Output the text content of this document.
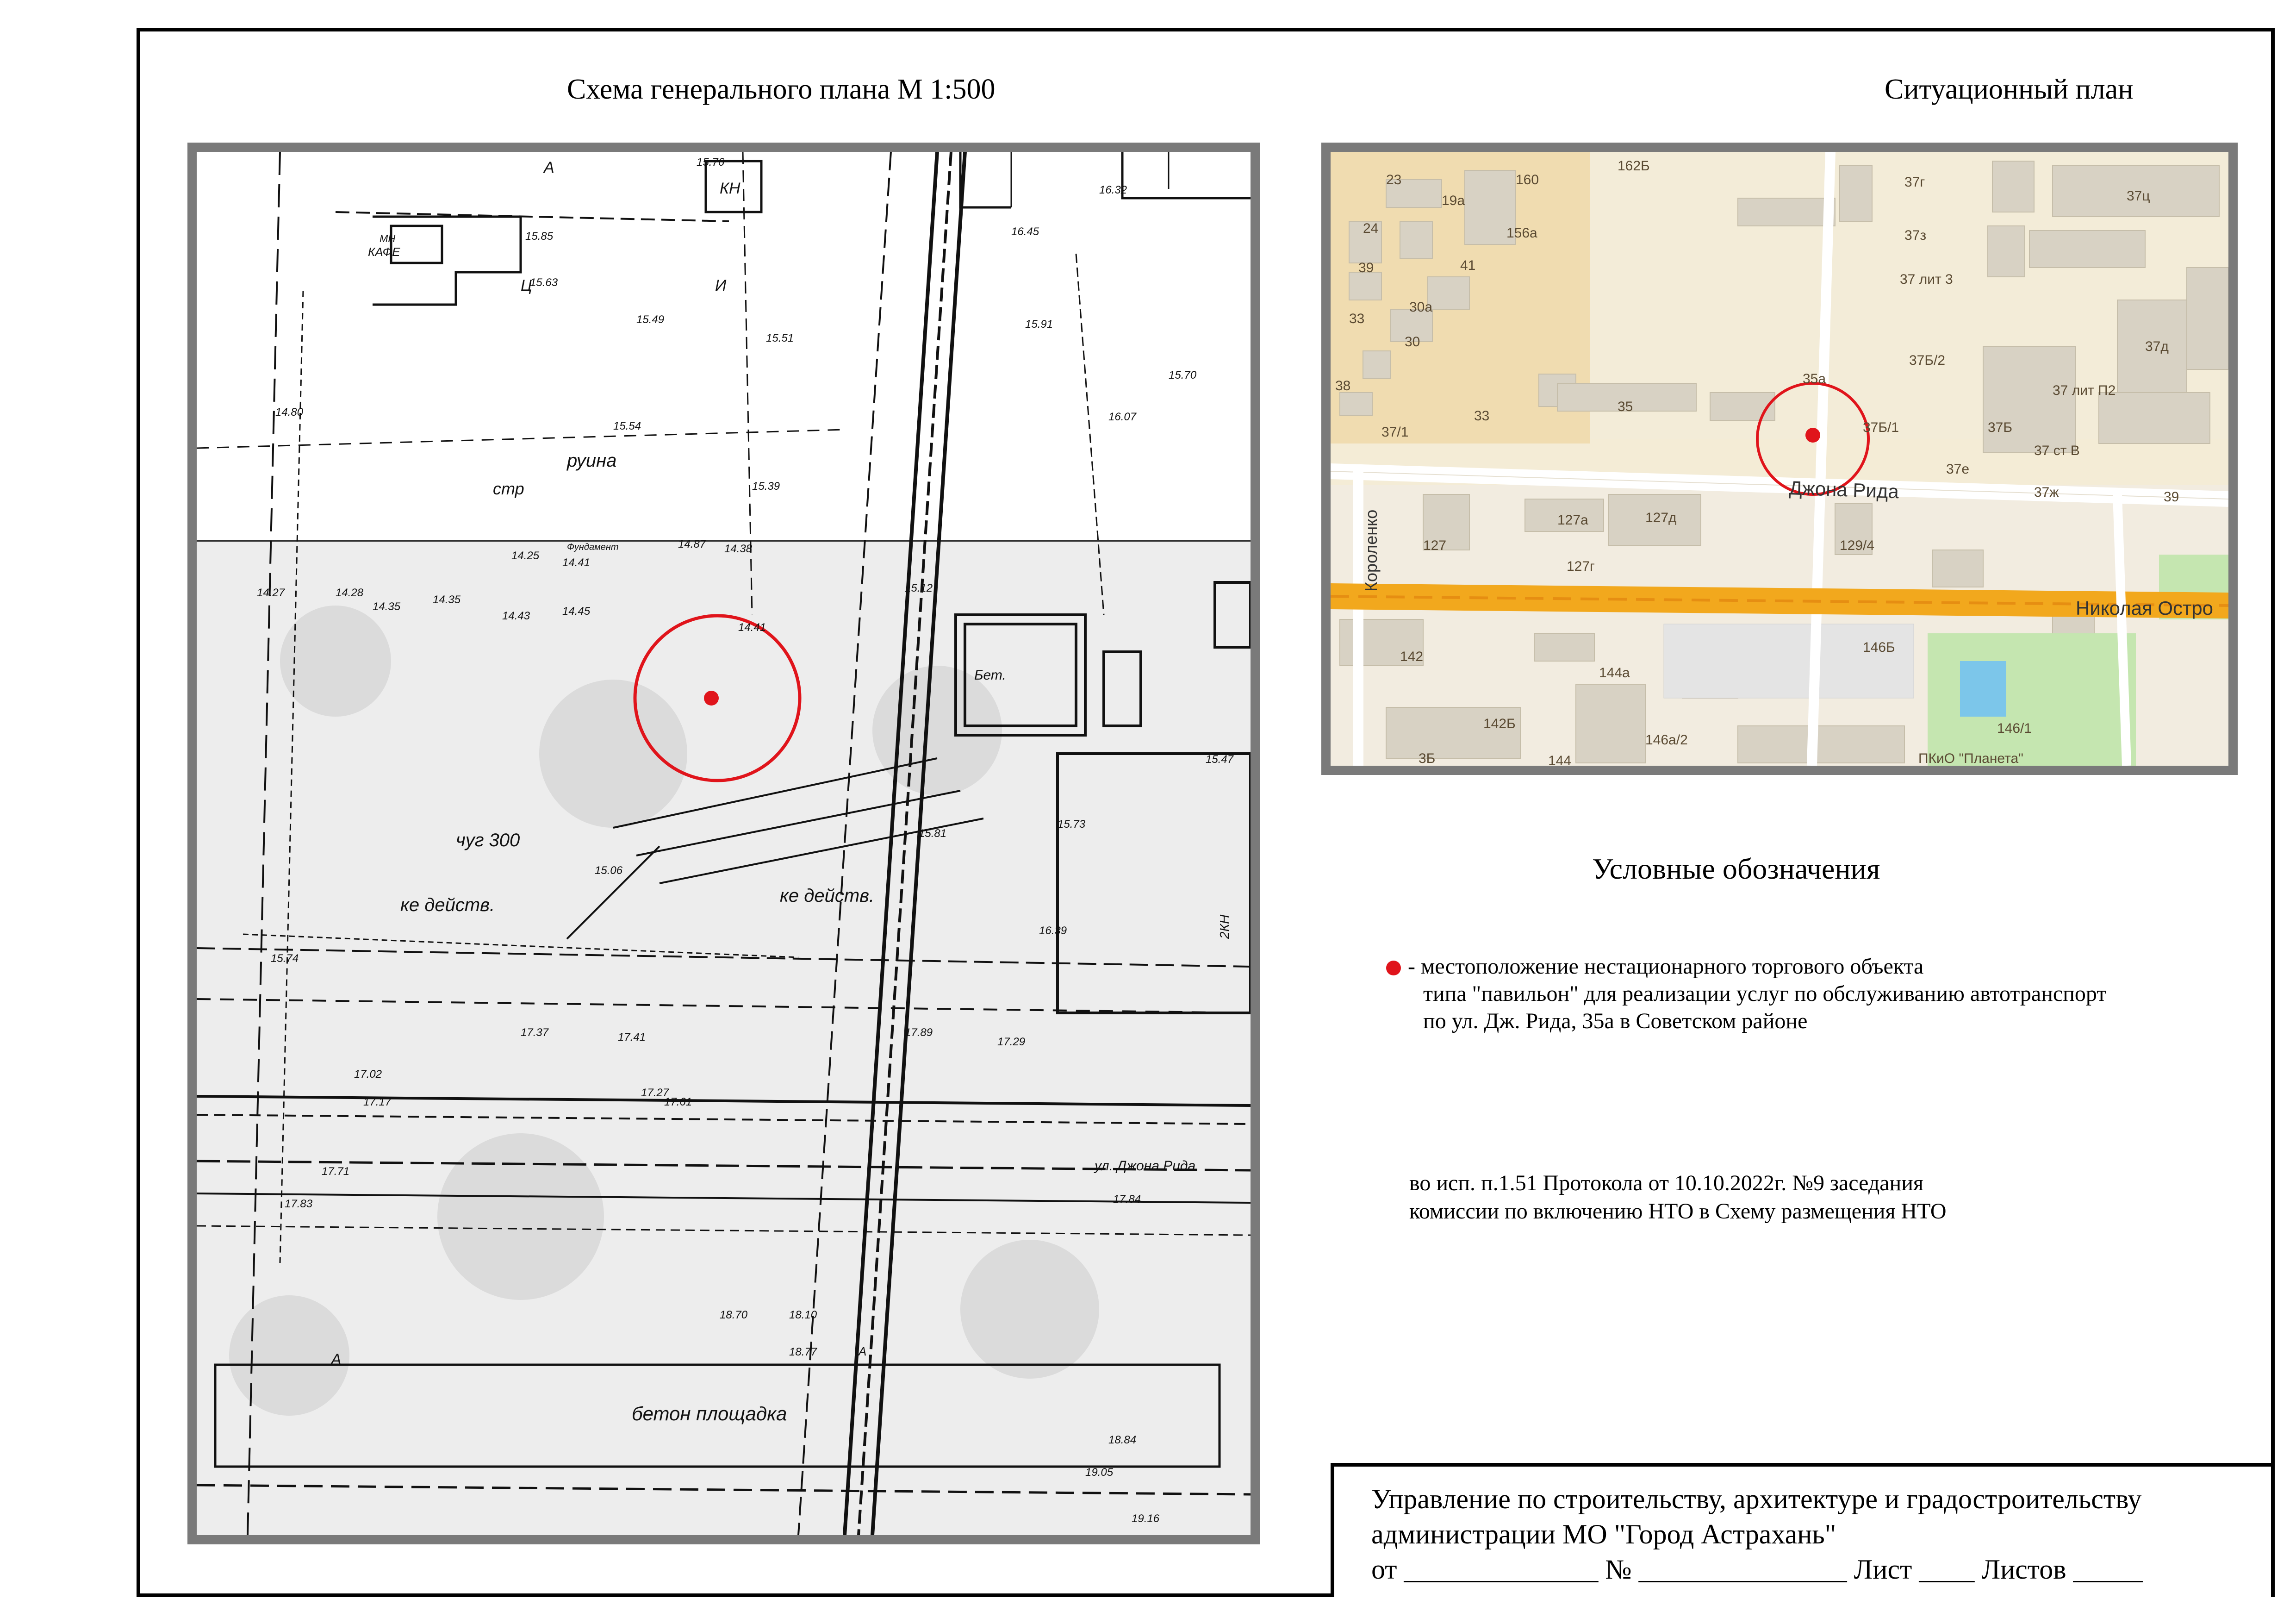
Схема генерального плана М 1:500	Ситуационный план
КАФЕ
МН
КН
2КН
Бет.
Фундамент
руина
стр
чуг 300
ке действ.	ке действ.
ул. Джона Рида
бетон площадка
А
Ц	И
А	А
15.76
16.32
16.45
15.85
15.63
15.49
15.51
15.91
15.70
16.07
14.80
15.54
15.39
14.27	14.28
14.35
14.35
14.43	14.45
14.25
14.41
14.87 14.38
14.41
15.12
15.74
15.06
15.81
15.73
15.47
16.39
17.02
17.27
17.37	17.41
17.61
17.71
17.17
17.89
17.29
17.84
17.83
18.70	18.10
18.77
18.84
19.05
19.16
Джона Рида
Николая Остро
Короленко
23
19а
160
162Б
24	156а
39	41
37г
37ц
37з
37 лит 3
33
30а
30
37Б/2
37д
38	35а
37 лит П2
37/1
33
35
37Б/1	37Б
37е
37 ст В
37ж	39
127а	127д
127
127г
129/4
142
144а
146Б
142Б
146а/2
146/1
3Б	144	ПКиО "Планета"
Условные обозначения
- местоположение нестационарного торгового объекта
типа "павильон" для реализации услуг по обслуживанию автотранспорт
по ул. Дж. Рида, 35а в Советском районе
во исп. п.1.51 Протокола от 10.10.2022г. №9 заседания
комиссии по включению НТО в Схему размещения НТО
Управление по строительству, архитектуре и градостроительству
администрации МО "Город Астрахань"
от ______________ № _______________ Лист ____ Листов _____
